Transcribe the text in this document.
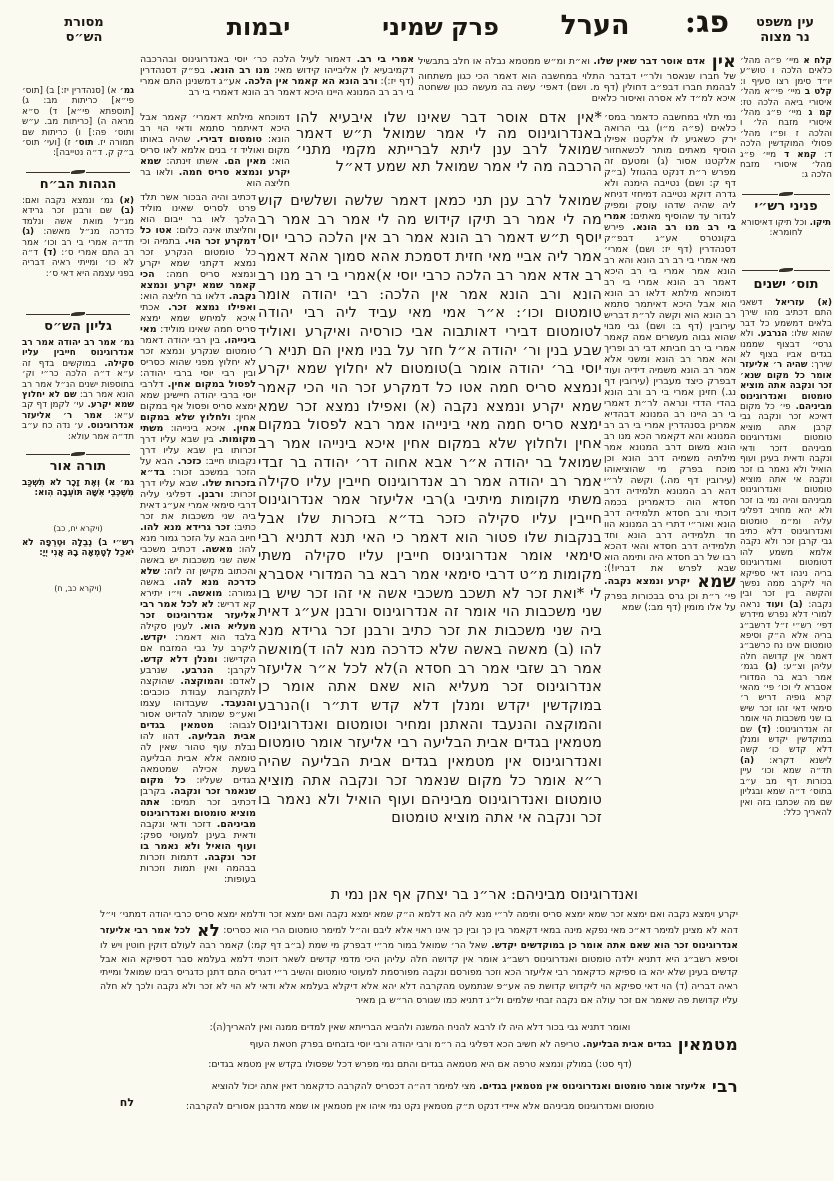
מסורת
הש״ס	יבמות	פרק שמיני	הערל	פג:	עין משפט
נר מצוה
קלח א מיי׳ פ״ה מהל׳ כלאים הלכה ו טוש״ע יו״ד סימן רצו סעיף ו: קלט ב מיי׳ פי״א מהל׳ איסורי ביאה הלכה טז: קמ ג מיי׳ פ״ג מהל׳ איסורי מזבח הל׳ ו והלכה ז ופ״ו מהל׳ פסולי המוקדשין הלכה ד: קמא ד מיי׳ פ״ג מהל׳ איסורי מזבח הלכה ג:
פניני רש״י
תיקו. וכל תיקו דאיסורא לחומרא:
תוס׳ ישנים
(א) עזריאל דשאני התם דכתיב מהו שירך בלאים דמשמע כל דבר שהוא שלו: הנרבע. ולא גרסי׳ דבצוף שממנו בגדים אביו בצוף לא שירך: שהיה ר׳ אליעזר אומר כל מקום שנא׳ זכר ונקבה אתה מוציא טומטום ואנדרוגינוס מביניהם. פי׳ כל מקום דאיכא זכר ונקבה גבי קרבן אתה מוציא טומטום ואנדרוגינוס מביניהם דזכר ודאי ונקבה ודאית בעינן ועוף הואיל ולא נאמר בו זכר ונקבה אי אתה מוציא טומטום ואנדרוגינוס מביניהם והיה נמי בו זכר ולא יהא מחויב דפליגי עליה ומ״מ טומטום ואנדרוגינוס דלא כתיב גבי קרבן זכר ולא נקבה אלמא משמע להו דטומטום ואנדרוגינוס בריה נינהו דאי ספיקא הוי ליקרב ממה נפשך והקשה בין זכר ובין נקבה: (ב) ועוד נראה למורי דלא נפרש מידרש דפי׳ רש״י ז״ל דרשב״ג בריה אלא ה״ק וסיפא טומטום אינו נח כרשב״ג דאמר אין קדושה חלה עליהן וצ״ע: (ג) בגמ׳ אמר רבא בר המדורי אסברא לי וכו׳ פי׳ מהאי קרא גופיה דריש ר׳ סימאי דאי זהו זכר שיש בו שני משכבות הוי אומר זה אנדרוגינוס: (ד) שם במוקדשין יקדש ומנלן דלא קדש כו׳ קשה לישנא דקרא: (ה) תד״ה שמא וכו׳ עיין בכורות דף מב ע״ב בתוס׳ ד״ה שמא ובגליון שם מה שכתבו בזה ואין להאריך כלל:
גמ׳ א) [סנהדרין יז:] ב) [תוס׳ פי״א] כריתות מב: ג) [תוספתא פי״א] ד) ס״א מראה ה) [כריתות מב. ע״ש ותוס׳ פה:] ו) כריתות שם תמורה יז. תוס׳ ז) [ועי׳ תוס׳ ב״ק ק. ד״ה נטייבה]:
הגהות הב״ח
(א) גמ׳ ונמצא נקבה ואם: (ב) שם ורבנן זכר גרידא מנ״ל מואת אשה ונלמד כדרכה מנ״ל מאשה: (ג) תד״ה אמרי בי רב וכו׳ אמר רב התם אמרי ס׳: (ד) ד״ה לא כו׳ ומייתי ראיה דבריה בפני עצמה היא דאי ס׳:
גליון הש״ס
גמ׳ אמר רב יהודה אמר רב אנדרוגינוס חייבין עליו סקילה. במוקשים בדף זה ע״א ד״ה הלכה כר״י וק׳ בתוספות ישנים הנ״ל אמר רב הונא אמר רב: שם לא יחלוץ שמא יקרע. עי׳ לקמן דף קב ע״א: אמר ר׳ אליעזר אנדרוגינוס. ע׳ נדה כח ע״ב תד״ה אמר עולא:
תורה אור
גמ׳ א) וְאֶת זָכָר לֹא תִשְׁכַּב מִשְׁכְּבֵי אִשָּׁה תּוֹעֵבָה הִוא:
(ויקרא יח, כב)
רש״י ב) נְבֵלָה וּטְרֵפָה לֹא יֹאכַל לְטָמְאָה בָהּ אֲנִי יְיָ:
(ויקרא כב, ח)
אמרי בי רב. דאמור לעיל הלכה כר׳ יוסי באנדרוגינוס ובהרכבה דקמיבעיא לן אליבייהו קידוש מאי: מנו רב הונא. בפ״ק דסנהדרין (דף יז:): ורב הונא הא קאמר אין הלכה. אע״ג דמשנינן התם אמרי בי רב רב המנונא היינו היכא דאמר רב הונא דאמרי בי רב
דמוכחא מילתא דאמרי׳ קאמר אבל היכא דאיתמר סתמא ודאי הוי רב הונא: טומטום דבירי. שהיה באותו מקום ואוליד ז׳ בנים אלמא לאו סריס הוא: מאין הם. אשתו זינתה: שמא יקרע ונמצא סריס חמה. ולאו בר חליצה הוא
דכתיב והיה הבכור אשר תלד פרט לסריס שאינו מוליד הלכך לאו בר ייבום הוא וחליצתו אינה כלום: אטו כל דמקרע זכר הוי. בתמיה וכי כל טומטום הנקרע זכר נמצא דקתני שמא יקרע ונמצא סריס חמה: הכי קאמר שמא יקרע ונמצא נקבה. דלאו בר חליצה הוא: ואפילו נמצא זכר. אכתי איכא למיחש שמא ימצא סריס חמה שאינו מוליד: מאי בינייהו. בין רבי יהודה דאמר טומטום שנקרע ונמצא זכר לא יחלוץ מפני שהוא כסריס ובין רבי יוסי ברבי יהודה: לפסול במקום אחין. דלרבי יוסי ברבי יהודה חיישינן שמא ימצא סריס ופסול אף במקום אחין: ולחלוץ שלא במקום אחין. איכא בינייהו: משתי מקומות. בין שבא עליו דרך זכרותו בין שבא עליו דרך נקבותו חייב: כזכר. הבא על הזכר במשכב זכור: בד״א בזכרות שלו. שבא עליו דרך זכרות: ורבנן. דפליגי עליה דרבי סימאי אמרי אע״ג דאית ביה שני משכבות את זכר כתיב: זכר גרידא מנא להו. חיוב הבא על הזכר גמור מנא להו: מאשה. דכתיב משכבי אשה שני משכבות יש באשה והכתוב מקישן זה לזה: שלא כדרכה מנא להו. באשה גמורה: מואשה. וי״ו יתירא קא דריש: לא לכל אמר רבי אליעזר אנדרוגינוס זכר מעליא הוא. לענין סקילה בלבד הוא דאמר: יקדש. ליקרב על גבי המזבח אם הקדישו: ומנלן דלא קדש. לקרבן: הנרבע. שנרבע לאדם: והמוקצה. שהוקצה לתקרובת עבודת כוכבים: והנעבד. שעבדוהו עצמו ואע״פ שמותר להדיוט אסור לגבוה: מטמאין בגדים אבית הבליעה. דהוו להו נבלת עוף טהור שאין לה טומאה אלא אבית הבליעה בשעת אכילה שמטמאה בגדים שעליו: כל מקום שנאמר זכר ונקבה. בקרבן דכתיב זכר תמים: אתה מוציא טומטום ואנדרוגינוס מביניהם. דזכר ודאי ונקבה ודאית בעינן למעוטי ספק: ועוף הואיל ולא נאמר בו זכר ונקבה. דתמות וזכרות בבהמה ואין תמות וזכרות בעופות:
אין אדם אוסר דבר שאין שלו. וא״ת ומ״ש ממטמא נבלה או חלב בתבשיל של חברו שנאסר ולר״י דבדבר התלוי במחשבה הוא דאמר הכי כגון משתחוה לבהמת חברו דבפ״ב דחולין (דף מ. ושם) דאפי׳ עשה בה מעשה כגון ששחטה איכא למ״ד לא אסרה ואיסור כלאים
נמי תלוי במחשבה כדאמר במס׳ כלאים (פ״ה מ״ו) גבי הרואה ירק כשאגיע לו אלקטנו אפילו הוסיף מאתים מותר לכשאחזור אלקטנו אסור (ג) ומטעם זה מפרש ר״ת דנקט בהגוזל (ב״ק דף ק: ושם) נטייבה הימנה ולא גדרה דוקא נטייבה דמיחזי דניחא ליה שהיה שדהו עוסק ומפיק לגדור עד שהוסיף מאתים: אמרי בי רב מנו רב הונא. פירש בקונטרס אע״ג דבפ״ק דסנהדרין (דף יז: ושם) אמרי׳ מאי אמרי בי רב רב הונא והא רב הונא אמר אמרי בי רב היכא דאמר רב הונא אמרי בי רב דמוכחא מילתא דלאו רב הונא הוא אבל היכא דאיתמר סתמא רב הונא הוא וקשה לר״ת דבריש עירובין (דף ב: ושם) גבי מבוי שהוא גבוה מעשרים אמה קאמר אמרי בי רב חביתא דבי רב ופריך והא אמר רב הונא ומשני אלא אמר רב הונא משמיה דידיה ועוד דבפרק כיצד מעברין (עירובין דף נג.) חזינן אמרי בי רב ורב הונא בהדי הדדי ונראה לר״ת דאמרי בי רב היינו רב המנונא דבהדיא אמרינן בסנהדרין אמרי בי רב רב המנונא והא דקאמר הכא מנו רב הונא משום דרב המנונא אמר מילתיה משמיה דרב הונא וכן מוכח בפרק מי שהוציאוהו (עירובין דף מה.) וקשה לר״י דהא רב המנונא תלמידיה דרב חסדא הוה כדאמרינן בכמה דוכתי ורב חסדא תלמידיה דרב הונא ואור״י דתרי רב המנונא הוו חד תלמידיה דרב הונא וחד תלמידיה דרב חסדא והאי דהכא רבו של רב חסדא היה ותימה הוא שבא לפרש את דבריו!): שמא יקרע ונמצא נקבה. פי׳ ר״ת וכן גרס בבכורות בפרק על אלו מומין (דף מב:) שמא
*אין אדם אוסר דבר שאינו שלו איבעיא להו באנדרוגינוס מה לי אמר שמואל ת״ש דאמר שמואל לרב ענן ליתא לברייתא מקמי מתני׳ הרכבה מה לי אמר שמואל תא שמע דא״ל
שמואל לרב ענן תני כמאן דאמר שלשה ושלשים קוש מה לי אמר רב תיקו קידוש מה לי אמר רב אמר רב יוסף ת״ש דאמר רב הונא אמר רב אין הלכה כרבי יוסי אמר ליה אביי מאי חזית דסמכת אהא סמוך אהא דאמר רב אדא אמר רב הלכה כרבי יוסי א)אמרי בי רב מנו רב הונא ורב הונא אמר אין הלכה: רבי יהודה אומר טומטום וכו׳: א״ר אמי מאי עביד ליה רבי יהודה לטומטום דבירי דאותבוה אבי כורסיה ואיקרע ואוליד שבע בנין ור׳ יהודה א״ל חזר על בניו מאין הם תניא ר׳ יוסי בר׳ יהודה אומר ב)טומטום לא יחלוץ שמא יקרע ונמצא סריס חמה אטו כל דמקרע זכר הוי הכי קאמר שמא יקרע ונמצא נקבה (א) ואפילו נמצא זכר שמא ימצא סריס חמה מאי בינייהו אמר רבא לפסול במקום אחין ולחלוץ שלא במקום אחין איכא בינייהו אמר רב שמואל בר יהודה א״ר אבא אחוה דר׳ יהודה בר זבדי אמר רב יהודה אמר רב אנדרוגינוס חייבין עליו סקילה משתי מקומות מיתיבי ג)רבי אליעזר אמר אנדרוגינוס חייבין עליו סקילה כזכר בד״א בזכרות שלו אבל בנקבות שלו פטור הוא דאמר כי האי תנא דתניא רבי סימאי אומר אנדרוגינוס חייבין עליו סקילה משתי מקומות מ״ט דרבי סימאי אמר רבא בר המדורי אסברא לי *ואת זכר לא תשכב משכבי אשה אי זהו זכר שיש בו שני משכבות הוי אומר זה אנדרוגינוס ורבנן אע״ג דאית ביה שני משכבות את זכר כתיב ורבנן זכר גרידא מנא להו (ב) מאשה באשה שלא כדרכה מנא להו ד)מואשה אמר רב שזבי אמר רב חסדא ה)לא לכל א״ר אליעזר אנדרוגינוס זכר מעליא הוא שאם אתה אומר כן במוקדשין יקדש ומנלן דלא קדש דת״ר ו)הנרבע והמוקצה והנעבד והאתנן ומחיר וטומטום ואנדרוגינוס מטמאין בגדים אבית הבליעה רבי אליעזר אומר טומטום ואנדרוגינוס אין מטמאין בגדים אבית הבליעה שהיה ר״א אומר כל מקום שנאמר זכר ונקבה אתה מוציא טומטום ואנדרוגינוס מביניהם ועוף הואיל ולא נאמר בו זכר ונקבה אי אתה מוציא טומטום
ואנדרוגינוס מביניהם: אר״נ בר יצחק אף אנן נמי ת
יקרע וימצא נקבה ואם ימצא זכר שמא ימצא סריס ותימה לר״י מנא ליה הא דלמא ה״ק שמא ימצא נקבה ואם ימצא זכר ודלמא ימצא סריס כרבי יהודה דמתני׳ וי״ל דהא לא מצינן למימר דא״כ מאי נפקא מינה במאי דקאמר בין כך ובין כך אינו ראוי אלא ליבם וה״ל למימר טומטום הרי הוא כסריס: לא לכל אמר רבי אליעזר אנדרוגינוס זכר הוא שאם אתה אומר כן במוקדשים יקדש. שאל הר׳ שמואל במור מר״י דבפרק מי שמת (ב״ב דף קמ:) קאמר רבה לעולם דוקין חוטין ויש לו וסיפא רשב״ג היא דתניא ילדה טומטום ואנדרוגינוס רשב״ג אומר אין קדושה חלה עליהן היכי מדמי קדשים לשאר דוכתי דלמא בעלמא סבר דספיקא הוא אבל קדשים בעינן שלא יהא בו ספיקא כדקאמר רבי אליעזר הכא וזכר מפורסם ונקבה מפורסמת למעוטי טומטום והשיב ר״י דגריס התם דתנן כדגריס רבינו שמואל ומייתי ראיה דבריה (ד) הוי דאי ספיקא הוי ליקדוש קדושת פה אע״פ שנתמעט מהקרבה דלא יהא אלא דיקלא בעלמא אלא ודאי לא הוי לא זכר ולא נקבה ולכך לא חלה עליו קדושת פה שאמר אם זכר עולה אם נקבה זבחי שלמים ול״ג דתניא כמו שגורס הר״ש בן מאיר
ואומר דתניא גבי בכור דלא היה לו לרבא להניח המשנה ולהביא הברייתא שאין למדים ממנה ואין להאריך(ה):
מטמאין בגדים אבית הבליעה. טריפה לא חשיב הכא דפליגי בה ר״מ ורבי יהודה ורבי יוסי בזבחים בפרק חטאת העוף
(דף סט:) במולק ונמצא טרפה אם היא מטמאה בגדים והתם נמי מפרש דכל שפסולו בקדש אין מטמא בגדים:
רבי אליעזר אומר טומטום ואנדרוגינוס אין מטמאין בגדים. מצי למימר דה״ה דכסריס להקרבה כדקאמר דאין אתה יכול להוציא
טומטום ואנדרוגינוס מביניהם אלא איידי דנקט ת״ק מטמאין נקט נמי איהו אין מטמאין או שמא מדרבנן אסורים להקרבה:
לח
